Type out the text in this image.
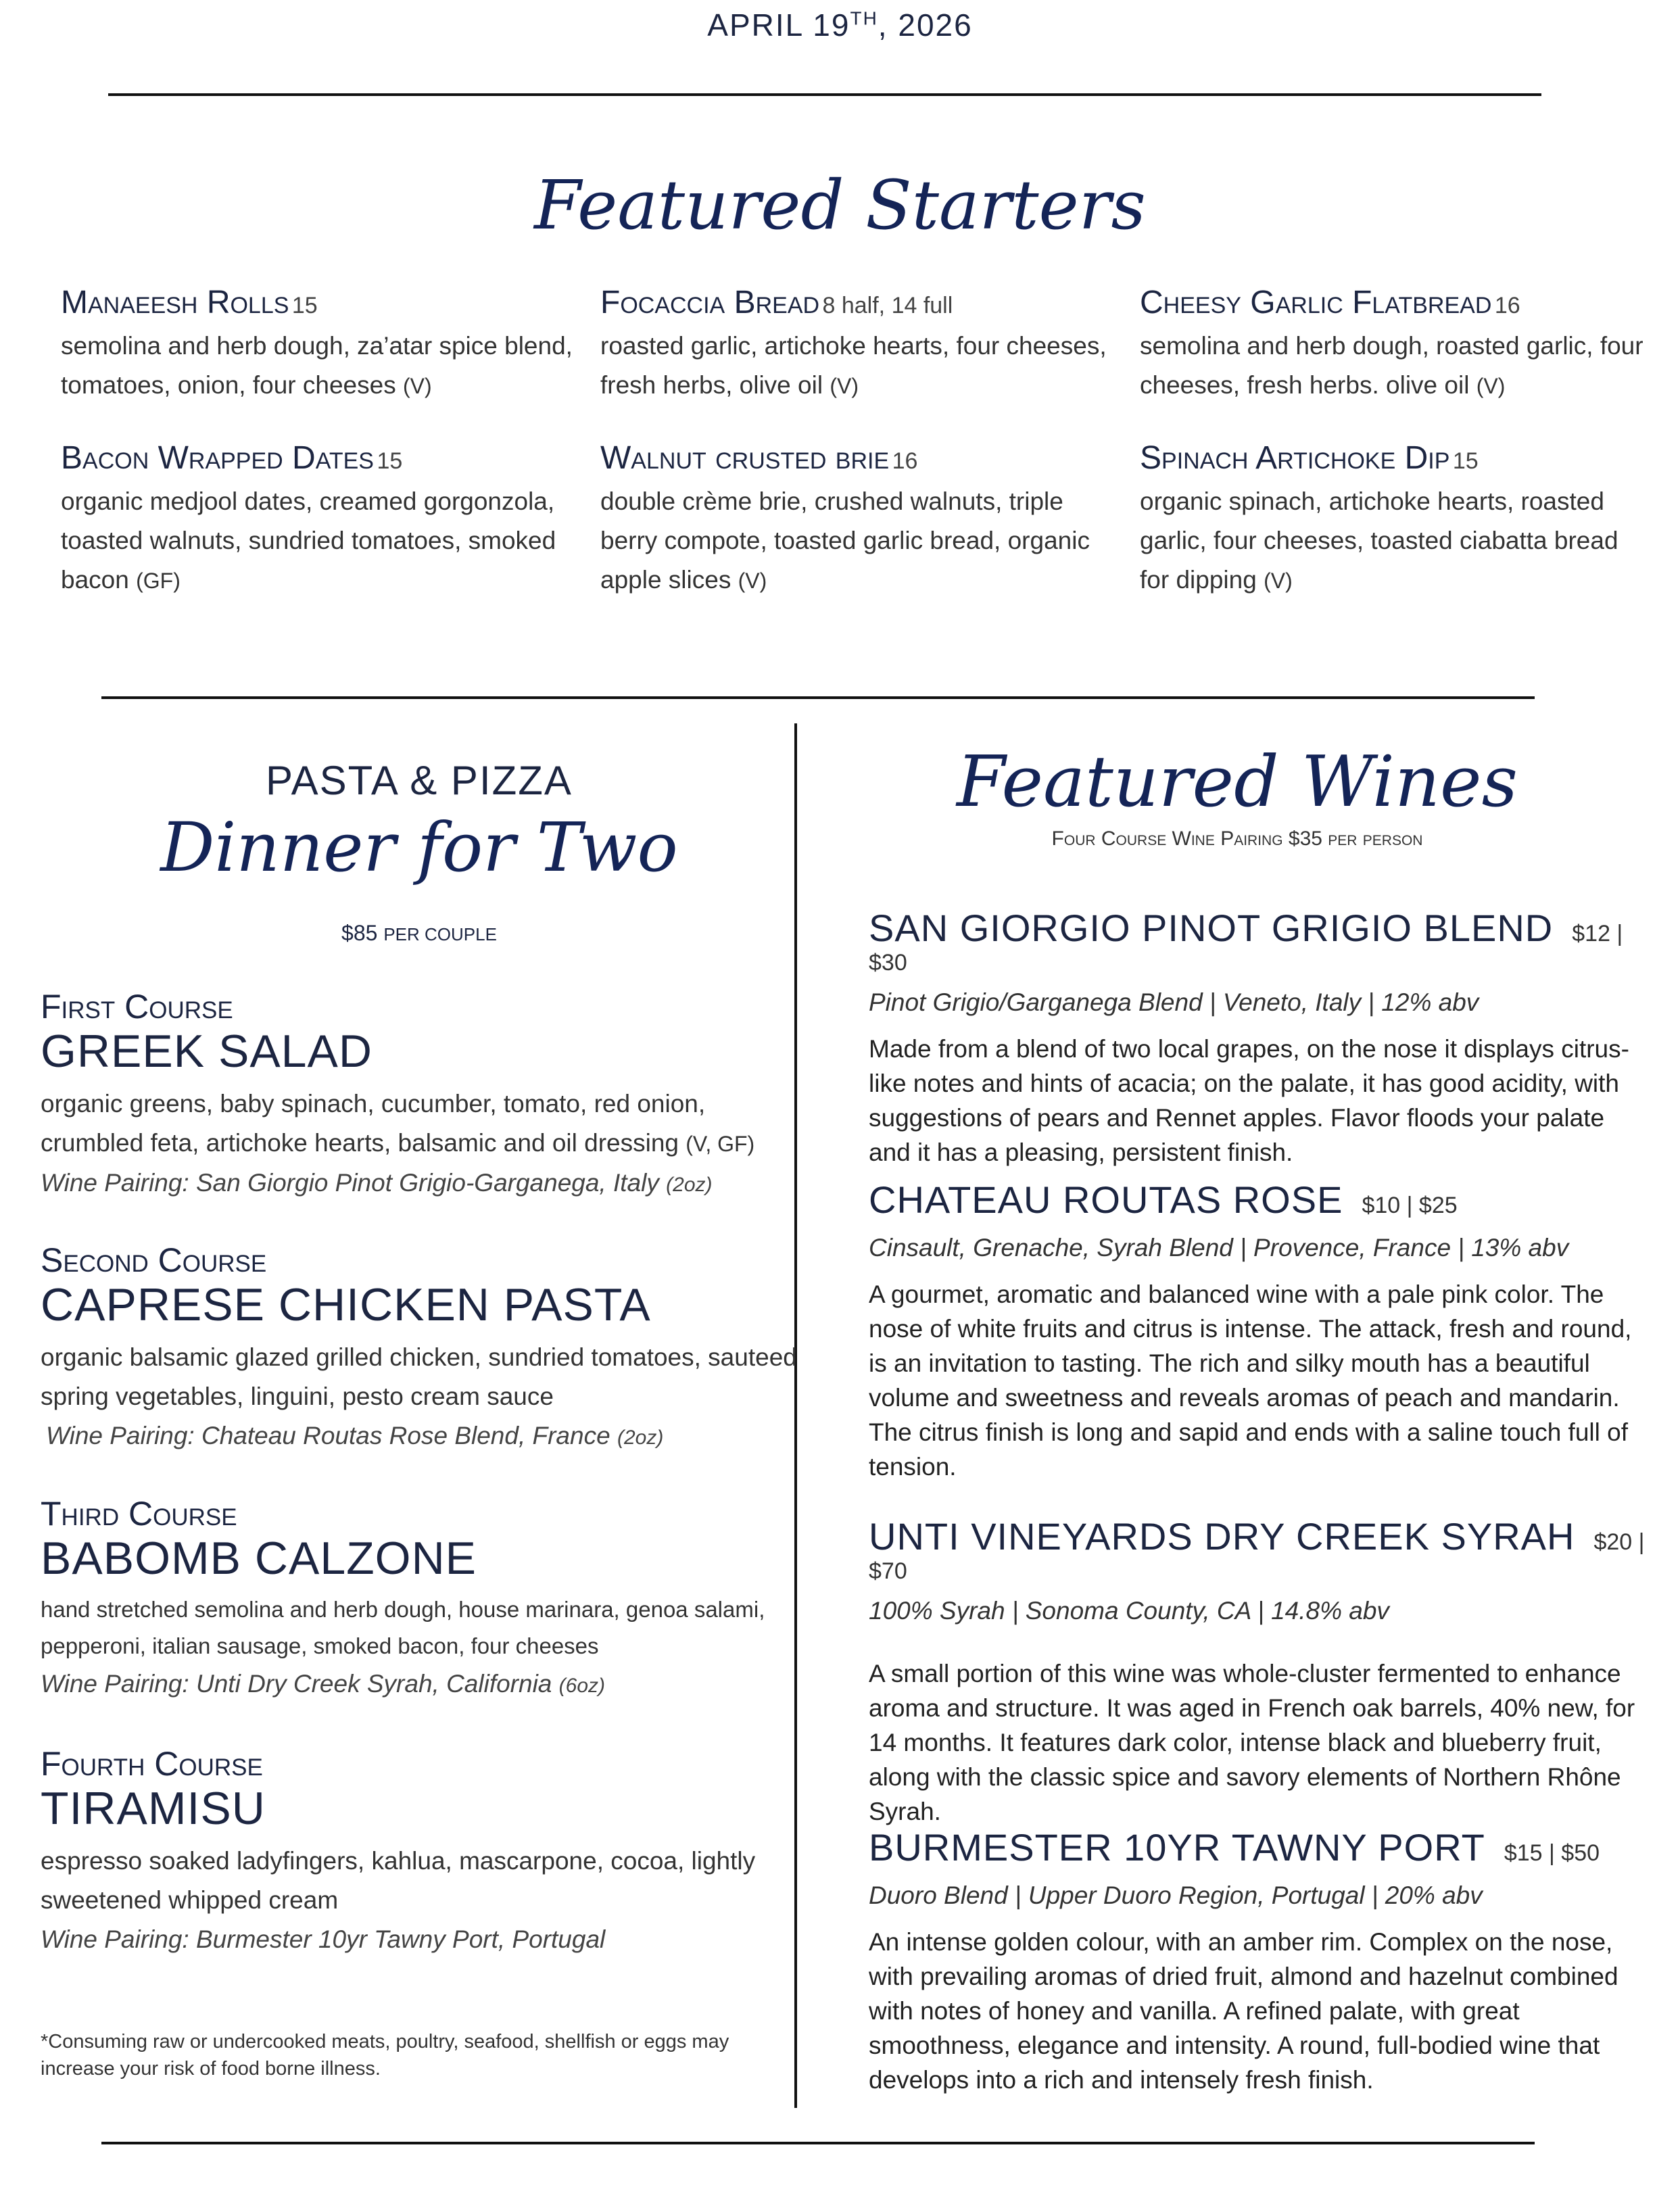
APRIL 19TH, 2026
Featured Starters
Manaeesh Rolls 15
semolina and herb dough, za’atar spice blend, tomatoes, onion, four cheeses (V)
Focaccia Bread 8 half, 14 full
roasted garlic, artichoke hearts, four cheeses, fresh herbs, olive oil (V)
Cheesy Garlic Flatbread 16
semolina and herb dough, roasted garlic, four cheeses, fresh herbs. olive oil (V)
Bacon Wrapped Dates 15
organic medjool dates, creamed gorgonzola, toasted walnuts, sundried tomatoes, smoked bacon (GF)
Walnut crusted brie 16
double crème brie, crushed walnuts, triple berry compote, toasted garlic bread, organic apple slices (V)
Spinach Artichoke Dip 15
organic spinach, artichoke hearts, roasted garlic, four cheeses, toasted ciabatta bread for dipping (V)
PASTA & PIZZA
Dinner for Two
$85 PER COUPLE
First Course
GREEK SALAD
organic greens, baby spinach, cucumber, tomato, red onion, crumbled feta, artichoke hearts, balsamic and oil dressing (V, GF)
Wine Pairing: San Giorgio Pinot Grigio-Garganega, Italy (2oz)
Second Course
CAPRESE CHICKEN PASTA
organic balsamic glazed grilled chicken, sundried tomatoes, sauteed spring vegetables, linguini, pesto cream sauce
Wine Pairing: Chateau Routas Rose Blend, France (2oz)
Third Course
BABOMB CALZONE
hand stretched semolina and herb dough, house marinara, genoa salami, pepperoni, italian sausage, smoked bacon, four cheeses
Wine Pairing: Unti Dry Creek Syrah, California (6oz)
Fourth Course
TIRAMISU
espresso soaked ladyfingers, kahlua, mascarpone, cocoa, lightly sweetened whipped cream
Wine Pairing: Burmester 10yr Tawny Port, Portugal
*Consuming raw or undercooked meats, poultry, seafood, shellfish or eggs may increase your risk of food borne illness.
Featured Wines
Four Course Wine Pairing $35 per person
SAN GIORGIO PINOT GRIGIO BLEND $12 | $30
Pinot Grigio/Garganega Blend | Veneto, Italy | 12% abv
Made from a blend of two local grapes, on the nose it displays citrus-like notes and hints of acacia; on the palate, it has good acidity, with suggestions of pears and Rennet apples. Flavor floods your palate and it has a pleasing, persistent finish.
CHATEAU ROUTAS ROSE $10 | $25
Cinsault, Grenache, Syrah Blend | Provence, France | 13% abv
A gourmet, aromatic and balanced wine with a pale pink color. The nose of white fruits and citrus is intense. The attack, fresh and round, is an invitation to tasting. The rich and silky mouth has a beautiful volume and sweetness and reveals aromas of peach and mandarin. The citrus finish is long and sapid and ends with a saline touch full of tension.
UNTI VINEYARDS DRY CREEK SYRAH $20 | $70
100% Syrah | Sonoma County, CA | 14.8% abv
A small portion of this wine was whole-cluster fermented to enhance aroma and structure. It was aged in French oak barrels, 40% new, for 14 months. It features dark color, intense black and blueberry fruit, along with the classic spice and savory elements of Northern Rhône Syrah.
BURMESTER 10YR TAWNY PORT $15 | $50
Duoro Blend | Upper Duoro Region, Portugal | 20% abv
An intense golden colour, with an amber rim. Complex on the nose, with prevailing aromas of dried fruit, almond and hazelnut combined with notes of honey and vanilla. A refined palate, with great smoothness, elegance and intensity. A round, full-bodied wine that develops into a rich and intensely fresh finish.
